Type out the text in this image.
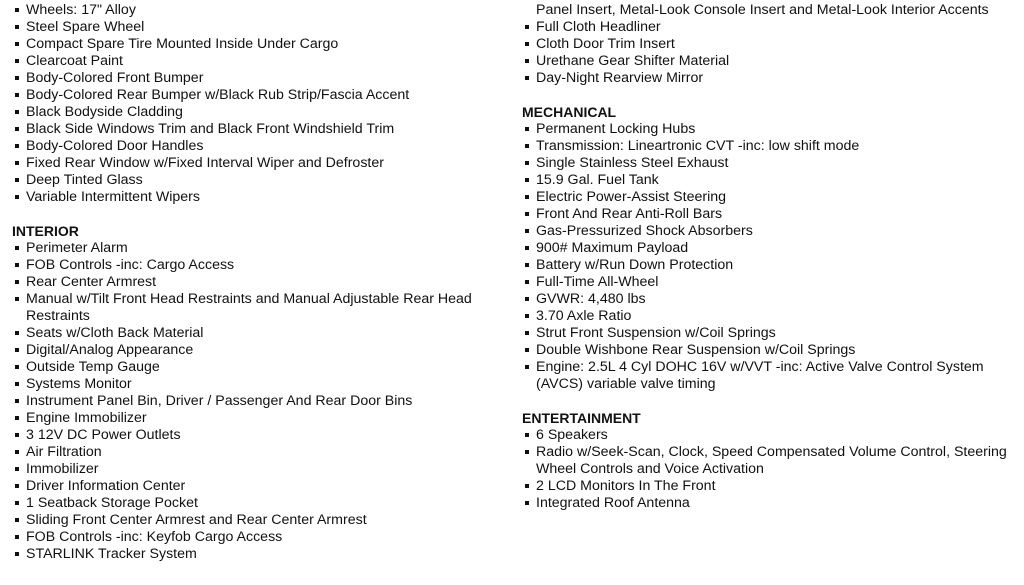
Wheels: 17" Alloy
Steel Spare Wheel
Compact Spare Tire Mounted Inside Under Cargo
Clearcoat Paint
Body-Colored Front Bumper
Body-Colored Rear Bumper w/Black Rub Strip/Fascia Accent
Black Bodyside Cladding
Black Side Windows Trim and Black Front Windshield Trim
Body-Colored Door Handles
Fixed Rear Window w/Fixed Interval Wiper and Defroster
Deep Tinted Glass
Variable Intermittent Wipers
INTERIOR
Perimeter Alarm
FOB Controls -inc: Cargo Access
Rear Center Armrest
Manual w/Tilt Front Head Restraints and Manual Adjustable Rear Head Restraints
Seats w/Cloth Back Material
Digital/Analog Appearance
Outside Temp Gauge
Systems Monitor
Instrument Panel Bin, Driver / Passenger And Rear Door Bins
Engine Immobilizer
3 12V DC Power Outlets
Air Filtration
Immobilizer
Driver Information Center
1 Seatback Storage Pocket
Sliding Front Center Armrest and Rear Center Armrest
FOB Controls -inc: Keyfob Cargo Access
STARLINK Tracker System
Panel Insert, Metal-Look Console Insert and Metal-Look Interior Accents
Full Cloth Headliner
Cloth Door Trim Insert
Urethane Gear Shifter Material
Day-Night Rearview Mirror
MECHANICAL
Permanent Locking Hubs
Transmission: Lineartronic CVT -inc: low shift mode
Single Stainless Steel Exhaust
15.9 Gal. Fuel Tank
Electric Power-Assist Steering
Front And Rear Anti-Roll Bars
Gas-Pressurized Shock Absorbers
900# Maximum Payload
Battery w/Run Down Protection
Full-Time All-Wheel
GVWR: 4,480 lbs
3.70 Axle Ratio
Strut Front Suspension w/Coil Springs
Double Wishbone Rear Suspension w/Coil Springs
Engine: 2.5L 4 Cyl DOHC 16V w/VVT -inc: Active Valve Control System (AVCS) variable valve timing
ENTERTAINMENT
6 Speakers
Radio w/Seek-Scan, Clock, Speed Compensated Volume Control, Steering Wheel Controls and Voice Activation
2 LCD Monitors In The Front
Integrated Roof Antenna
